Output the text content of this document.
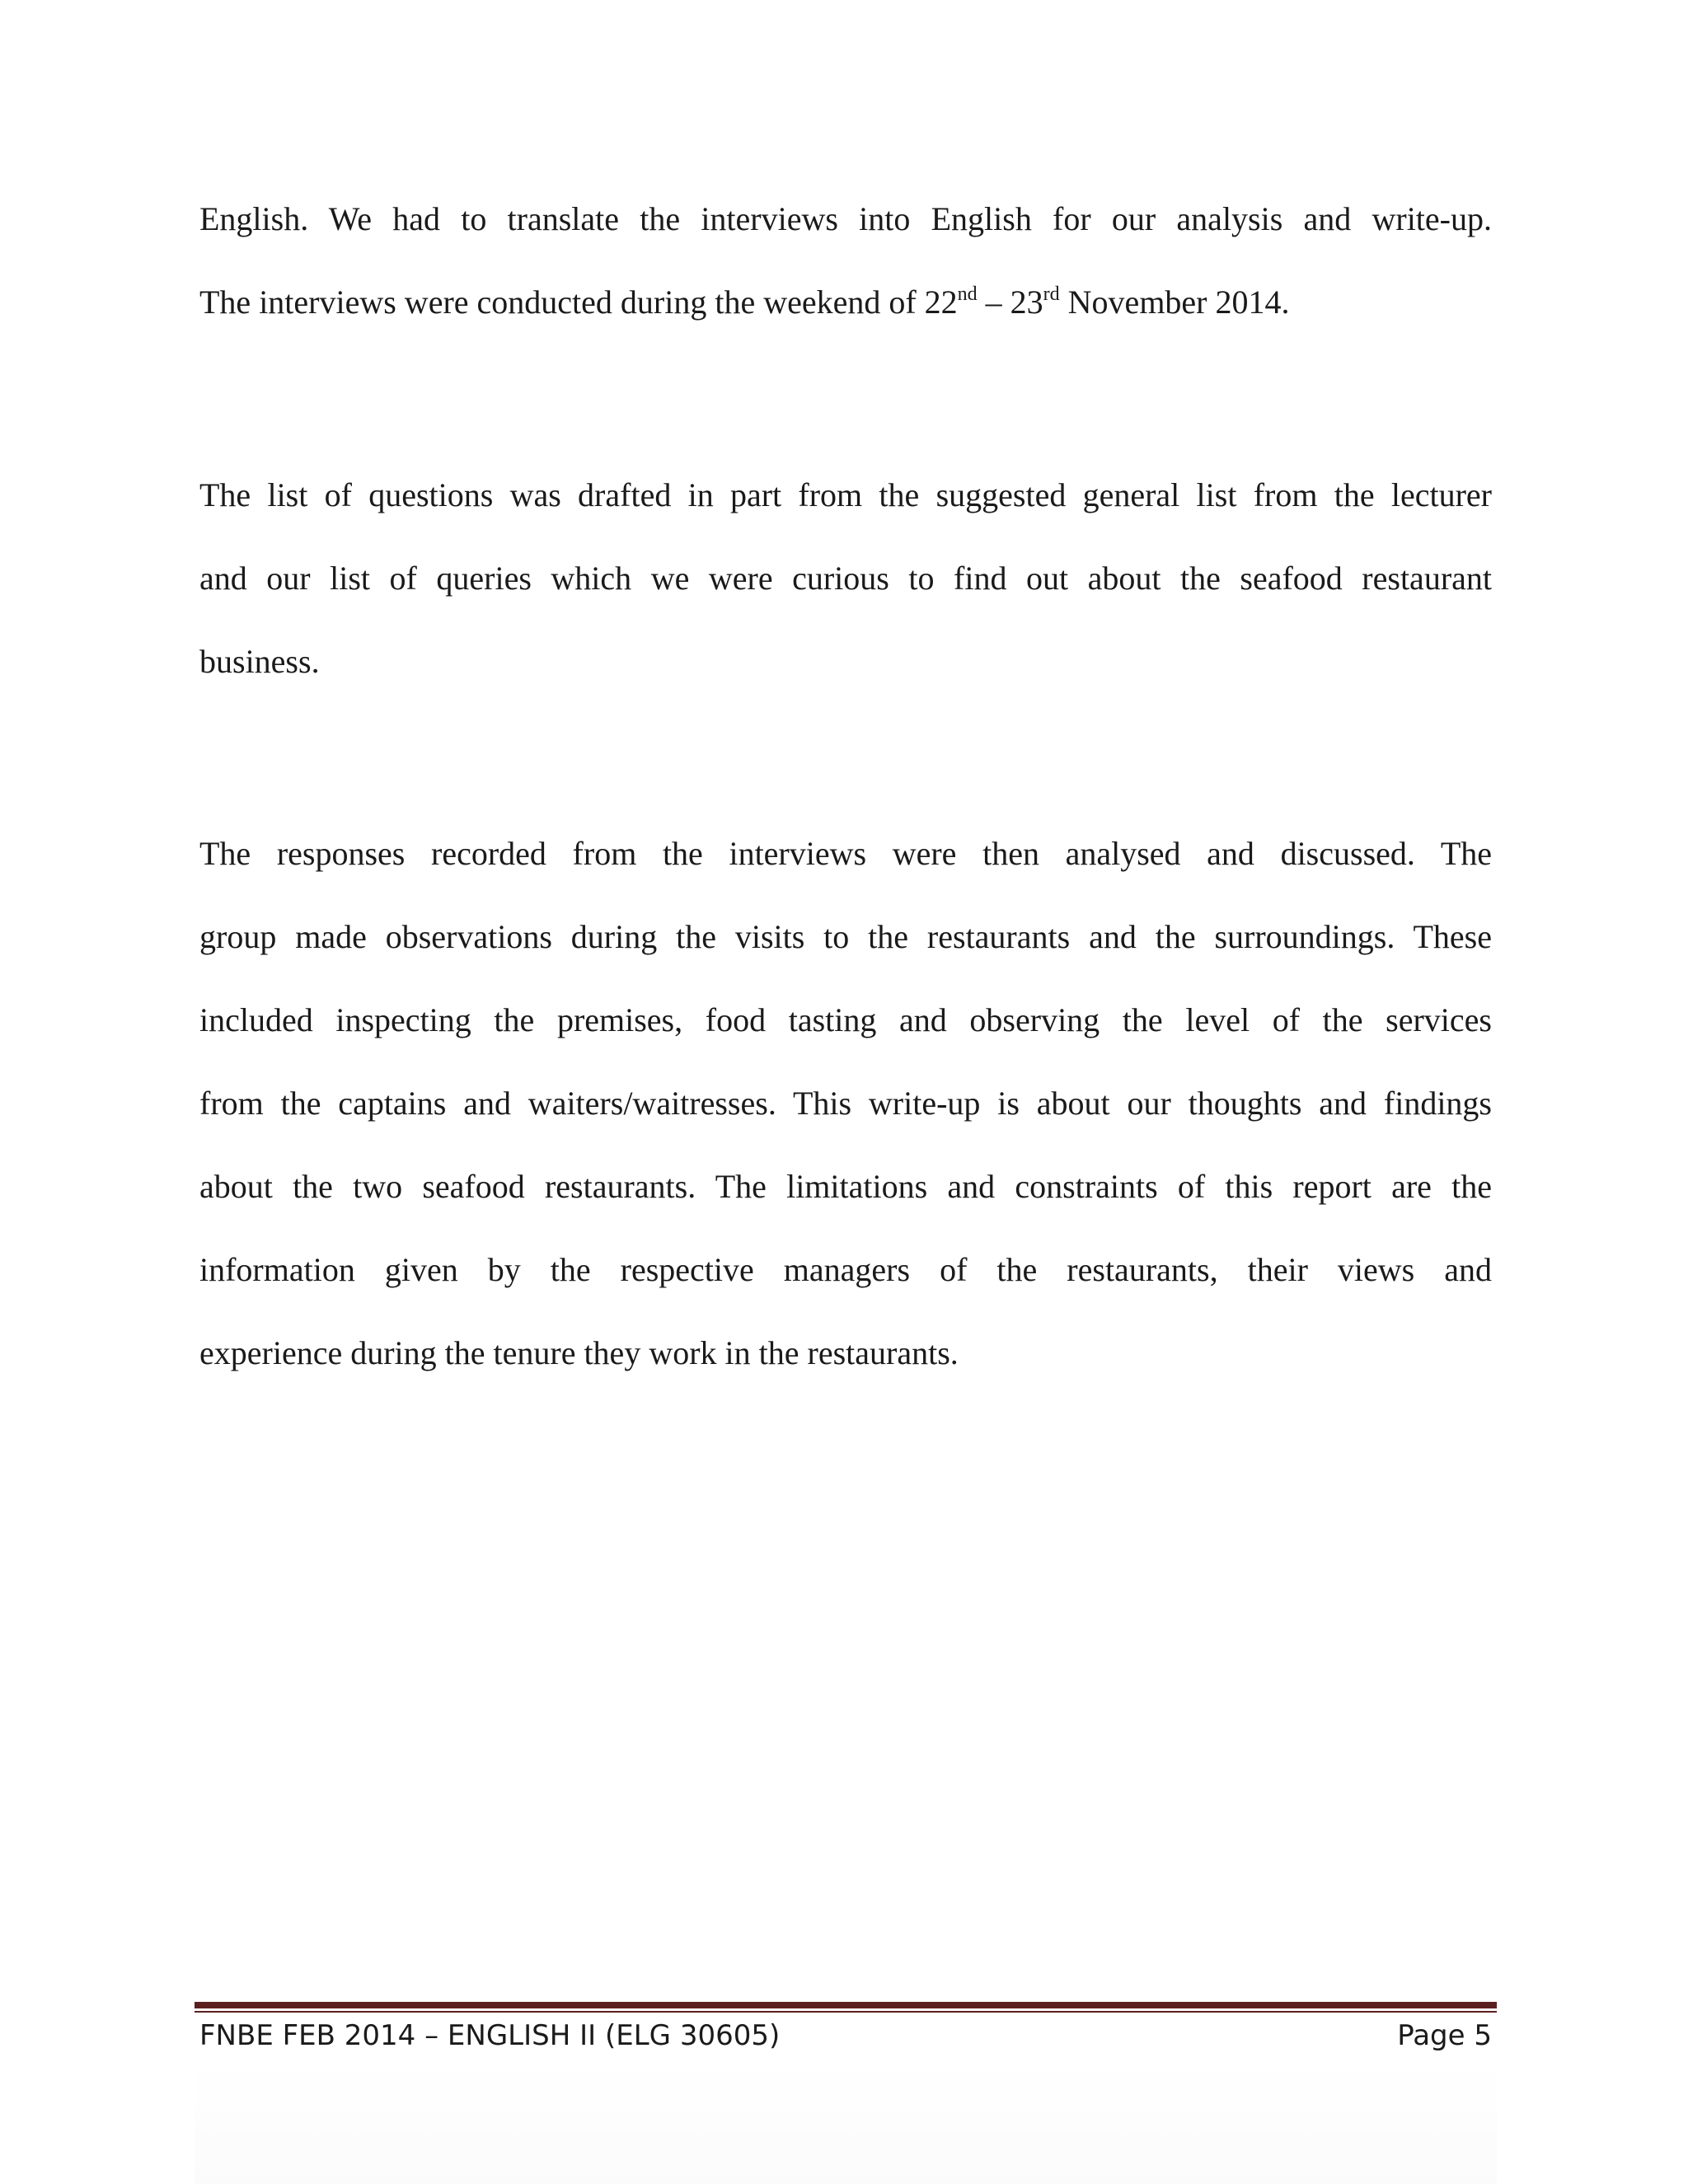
English. We had to translate the interviews into English for our analysis and write-up.
The interviews were conducted during the weekend of 22nd – 23rd November 2014.
The list of questions was drafted in part from the suggested general list from the lecturer
and our list of queries which we were curious to find out about the seafood restaurant
business.
The responses recorded from the interviews were then analysed and discussed. The
group made observations during the visits to the restaurants and the surroundings. These
included inspecting the premises, food tasting and observing the level of the services
from the captains and waiters/waitresses. This write-up is about our thoughts and findings
about the two seafood restaurants. The limitations and constraints of this report are the
information given by the respective managers of the restaurants, their views and
experience during the tenure they work in the restaurants.
FNBE FEB 2014 – ENGLISH II (ELG 30605)	Page 5
